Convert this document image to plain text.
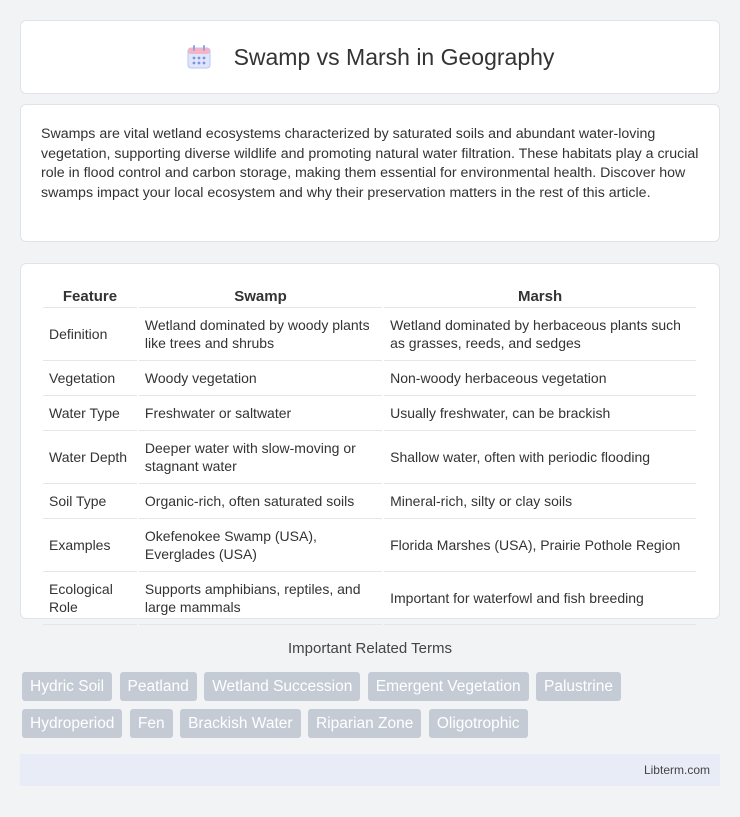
Swamp vs Marsh in Geography

Swamps are vital wetland ecosystems characterized by saturated soils and abundant water-loving vegetation, supporting diverse wildlife and promoting natural water filtration. These habitats play a crucial role in flood control and carbon storage, making them essential for environmental health. Discover how swamps impact your local ecosystem and why their preservation matters in the rest of this article.

Feature	Swamp	Marsh
Definition	Wetland dominated by woody plants like trees and shrubs	Wetland dominated by herbaceous plants such as grasses, reeds, and sedges
Vegetation	Woody vegetation	Non-woody herbaceous vegetation
Water Type	Freshwater or saltwater	Usually freshwater, can be brackish
Water Depth	Deeper water with slow-moving or stagnant water	Shallow water, often with periodic flooding
Soil Type	Organic-rich, often saturated soils	Mineral-rich, silty or clay soils
Examples	Okefenokee Swamp (USA), Everglades (USA)	Florida Marshes (USA), Prairie Pothole Region
Ecological Role	Supports amphibians, reptiles, and large mammals	Important for waterfowl and fish breeding
Important Related Terms
Hydric Soil Peatland Wetland Succession Emergent Vegetation Palustrine
Hydroperiod Fen Brackish Water Riparian Zone Oligotrophic
Libterm.com
